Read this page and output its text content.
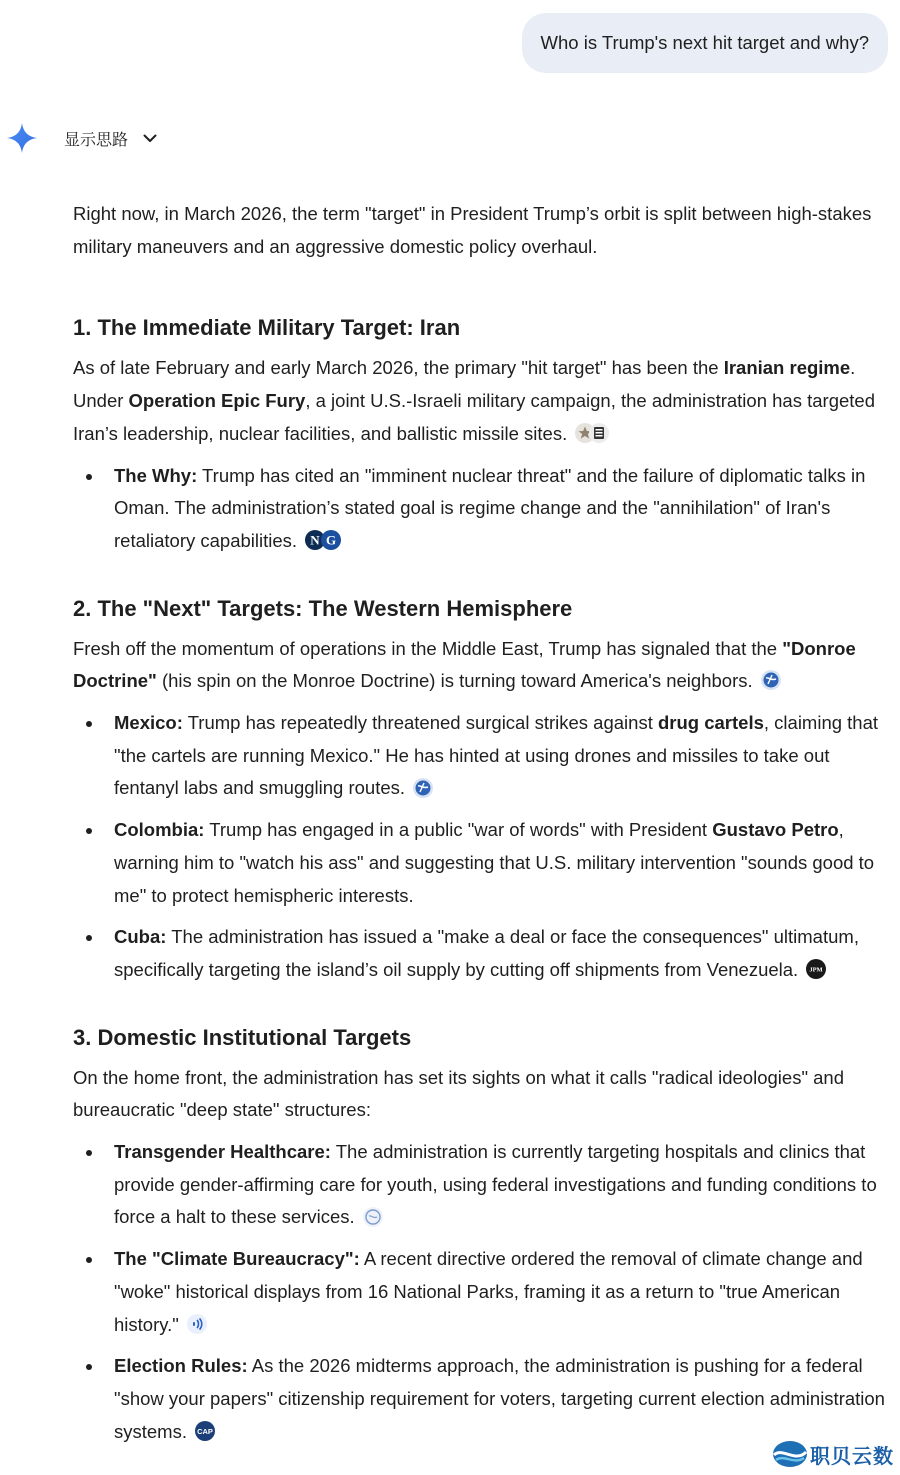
Who is Trump's next hit target and why?
显示思路

Right now, in March 2026, the term "target" in President Trump’s orbit is split between high-stakes military maneuvers and an aggressive domestic policy overhaul.

1. The Immediate Military Target: Iran

As of late February and early March 2026, the primary "hit target" has been the Iranian regime. Under Operation Epic Fury, a joint U.S.-Israeli military campaign, the administration has targeted Iran’s leadership, nuclear facilities, and ballistic missile sites.

The Why: Trump has cited an "imminent nuclear threat" and the failure of diplomatic talks in Oman. The administration’s stated goal is regime change and the "annihilation" of Iran's retaliatory capabilities. N G
2. The "Next" Targets: The Western Hemisphere

Fresh off the momentum of operations in the Middle East, Trump has signaled that the "Donroe Doctrine" (his spin on the Monroe Doctrine) is turning toward America's neighbors.

Mexico: Trump has repeatedly threatened surgical strikes against drug cartels, claiming that "the cartels are running Mexico." He has hinted at using drones and missiles to take out fentanyl labs and smuggling routes.
Colombia: Trump has engaged in a public "war of words" with President Gustavo Petro, warning him to "watch his ass" and suggesting that U.S. military intervention "sounds good to me" to protect hemispheric interests.
Cuba: The administration has issued a "make a deal or face the consequences" ultimatum, specifically targeting the island’s oil supply by cutting off shipments from Venezuela. JPM
3. Domestic Institutional Targets

On the home front, the administration has set its sights on what it calls "radical ideologies" and bureaucratic "deep state" structures:

Transgender Healthcare: The administration is currently targeting hospitals and clinics that provide gender-affirming care for youth, using federal investigations and funding conditions to force a halt to these services.
The "Climate Bureaucracy": A recent directive ordered the removal of climate change and "woke" historical displays from 16 National Parks, framing it as a return to "true American history."
Election Rules: As the 2026 midterms approach, the administration is pushing for a federal "show your papers" citizenship requirement for voters, targeting current election administration systems. CAP
职贝云数
